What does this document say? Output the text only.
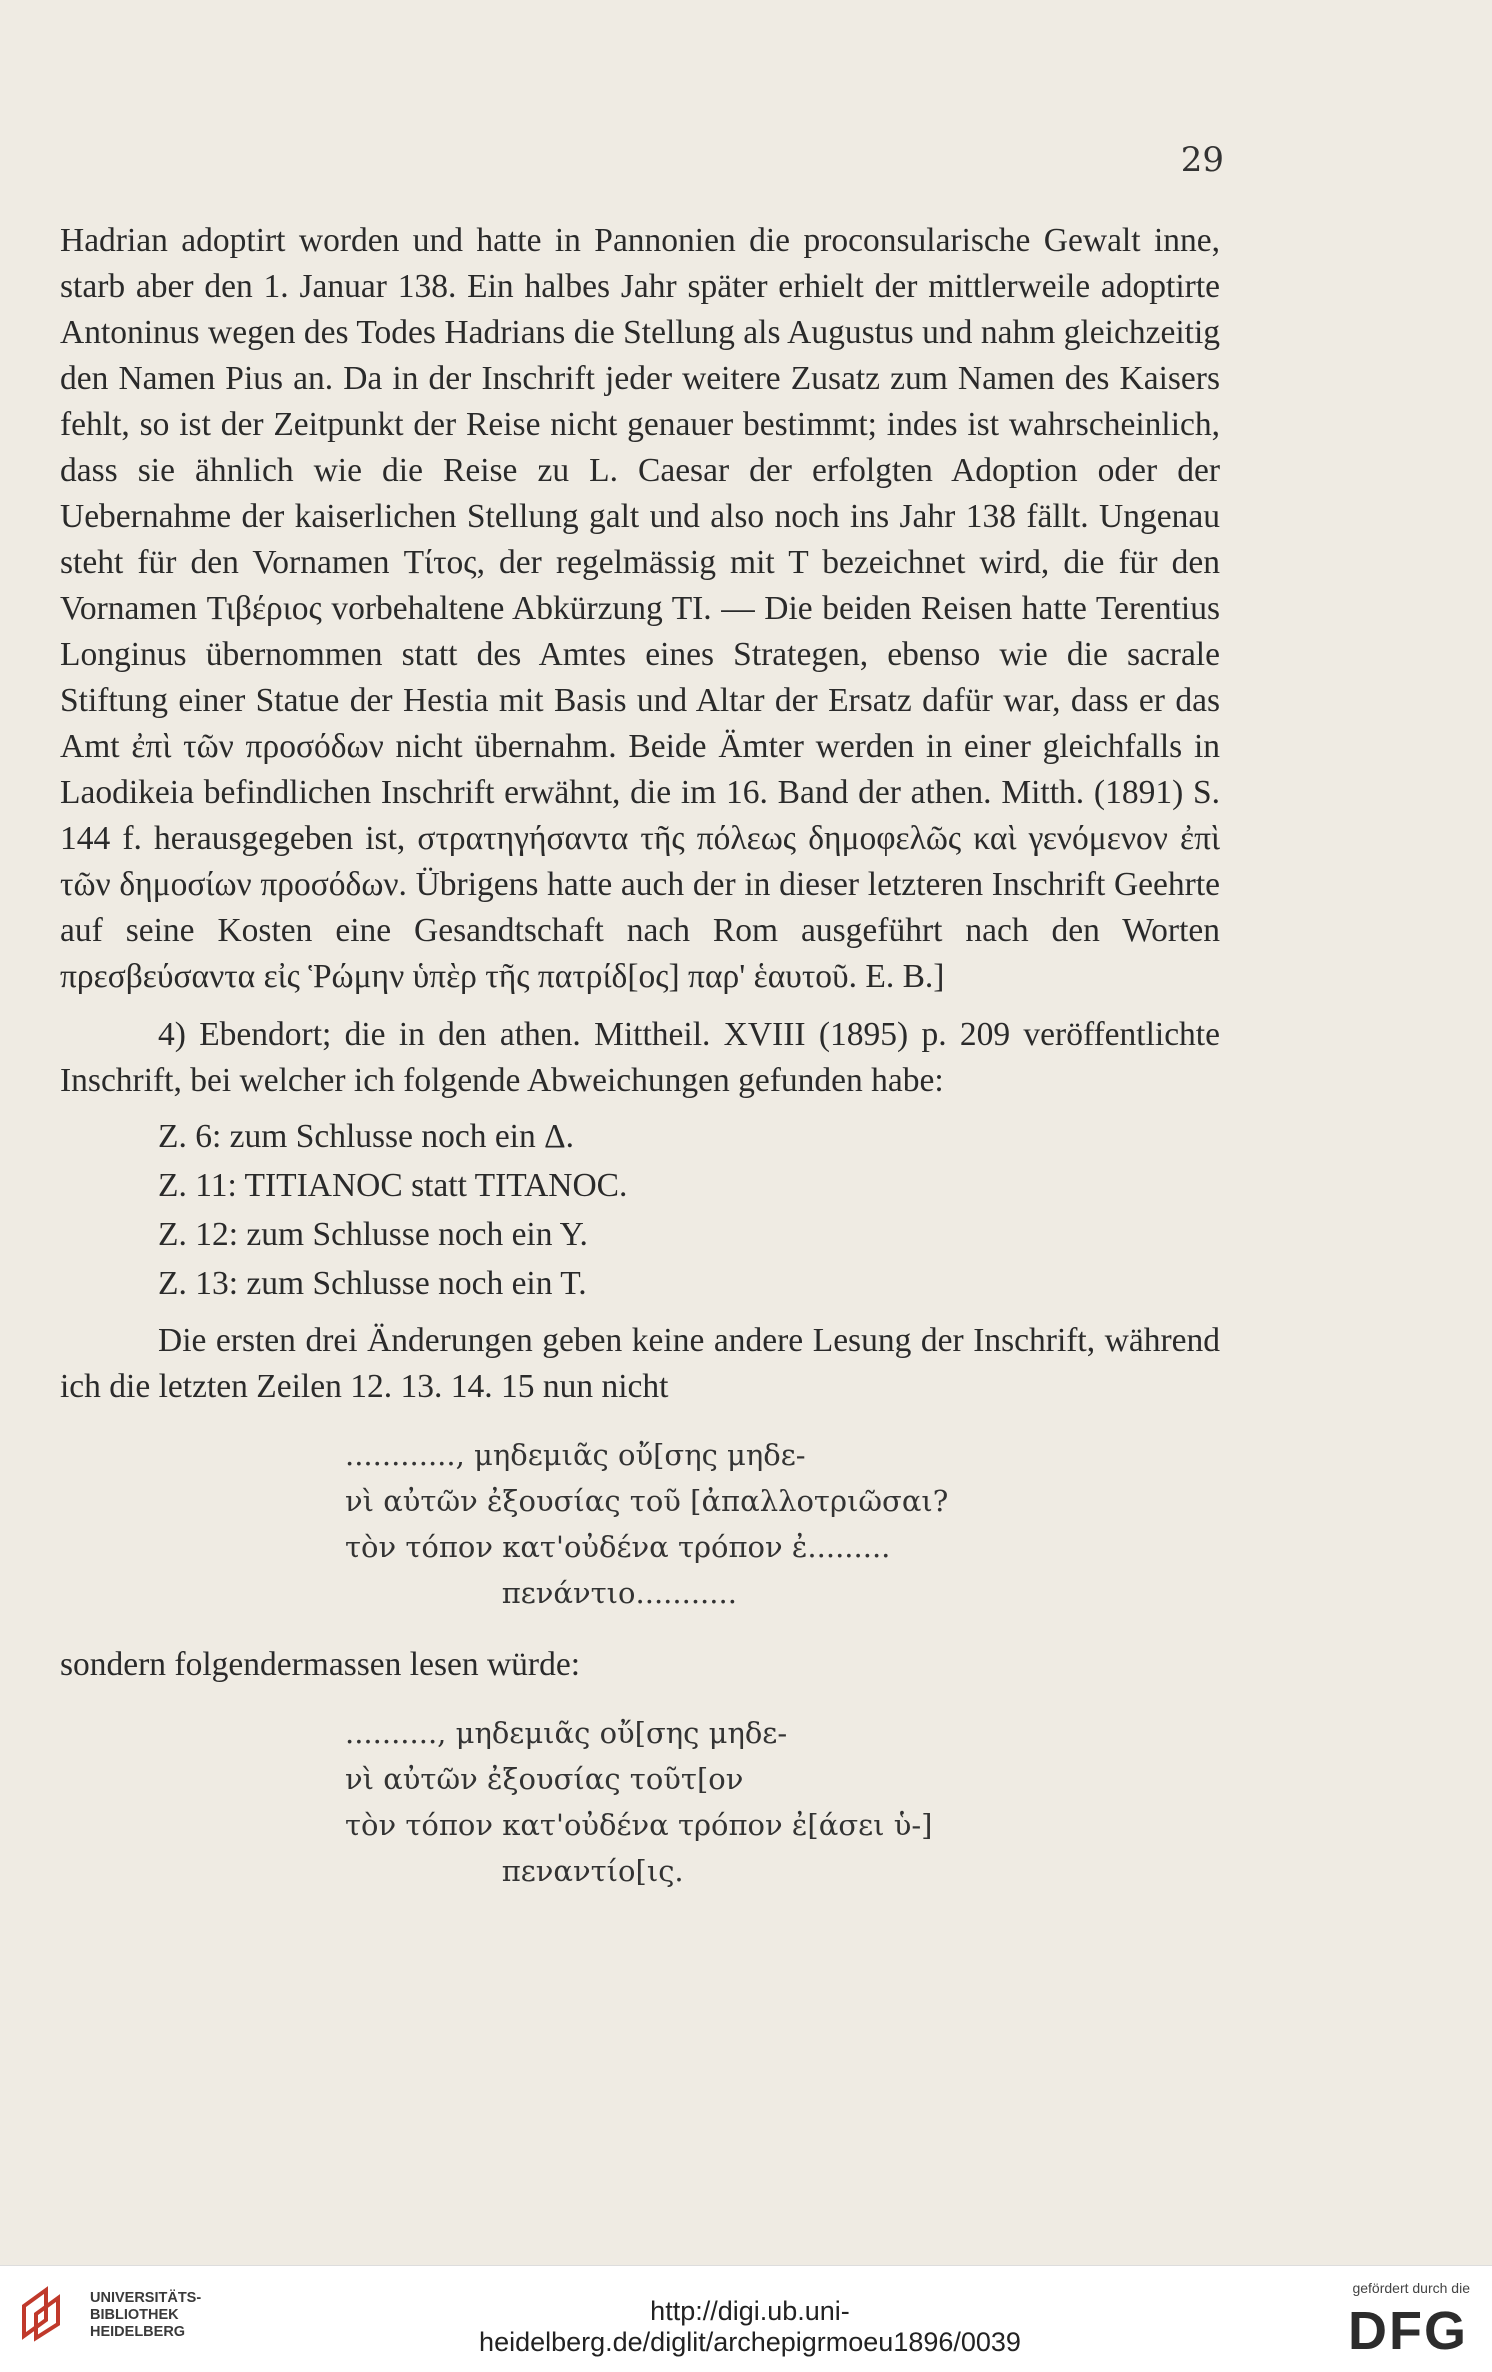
29

Hadrian adoptirt worden und hatte in Pannonien die proconsularische Gewalt inne, starb aber den 1. Januar 138. Ein halbes Jahr später erhielt der mittlerweile adoptirte Antoninus wegen des Todes Hadrians die Stellung als Augustus und nahm gleichzeitig den Namen Pius an. Da in der Inschrift jeder weitere Zusatz zum Namen des Kaisers fehlt, so ist der Zeitpunkt der Reise nicht genauer bestimmt; indes ist wahrscheinlich, dass sie ähnlich wie die Reise zu L. Caesar der erfolgten Adoption oder der Uebernahme der kaiserlichen Stellung galt und also noch ins Jahr 138 fällt. Ungenau steht für den Vornamen Τίτος, der regelmässig mit T bezeichnet wird, die für den Vornamen Τιβέριος vorbehaltene Abkürzung TI. — Die beiden Reisen hatte Terentius Longinus übernommen statt des Amtes eines Strategen, ebenso wie die sacrale Stiftung einer Statue der Hestia mit Basis und Altar der Ersatz dafür war, dass er das Amt ἐπὶ τῶν προσόδων nicht übernahm. Beide Ämter werden in einer gleichfalls in Laodikeia befindlichen Inschrift erwähnt, die im 16. Band der athen. Mitth. (1891) S. 144 f. herausgegeben ist, στρατηγήσαντα τῆς πόλεως δημοφελῶς καὶ γενόμενον ἐπὶ τῶν δημοσίων προσόδων. Übrigens hatte auch der in dieser letzteren Inschrift Geehrte auf seine Kosten eine Gesandtschaft nach Rom ausgeführt nach den Worten πρεσβεύσαντα εἰς Ῥώμην ὑπὲρ τῆς πατρίδ[ος] παρ' ἑαυτοῦ. E. B.]

4) Ebendort; die in den athen. Mittheil. XVIII (1895) p. 209 veröffentlichte Inschrift, bei welcher ich folgende Abweichungen gefunden habe:

Z. 6: zum Schlusse noch ein Δ.
Z. 11: TITIANOC statt TITANOC.
Z. 12: zum Schlusse noch ein Y.
Z. 13: zum Schlusse noch ein T.

Die ersten drei Änderungen geben keine andere Lesung der Inschrift, während ich die letzten Zeilen 12. 13. 14. 15 nun nicht

............, μηδεμιᾶς οὔ[σης μηδε-
νὶ αὐτῶν ἐξουσίας τοῦ [ἀπαλλοτριῶσαι?
τὸν τόπον κατ'οὐδένα τρόπον ἐ.........
πενάντιο...........

sondern folgendermassen lesen würde:

.........., μηδεμιᾶς οὔ[σης μηδε-
νὶ αὐτῶν ἐξουσίας τοῦτ[ον
τὸν τόπον κατ'οὐδένα τρόπον ἐ[άσει ὑ-]
πεναντίο[ις.
UNIVERSITÄTS-
BIBLIOTHEK
HEIDELBERG
http://digi.ub.uni-heidelberg.de/diglit/archepigrmoeu1896/0039
gefördert durch die
DFG
